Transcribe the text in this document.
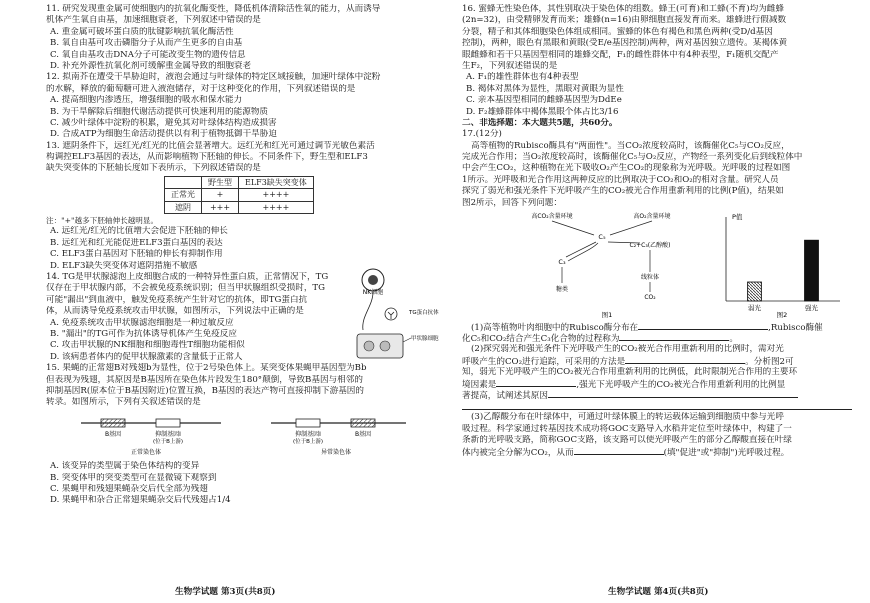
11. 研究发现重金属可使细胞内的抗氧化酶变性，降低机体清除活性氧的能力，从而诱导
机体产生氧自由基，加速细胞衰老，下列叙述中错误的是
A. 重金属可破坏蛋白质的肽键影响抗氧化酶活性
B. 氧自由基可攻击磷脂分子从而产生更多的自由基
C. 氧自由基攻击DNA分子可能改变生物的遗传信息
D. 补充外源性抗氧化剂可缓解重金属导致的细胞衰老
12. 拟南芥在遭受干旱胁迫时，液泡会通过与叶绿体的特定区域接触，加速叶绿体中淀粉
的水解，释放的葡萄糖可进入液泡储存，对于这种变化的作用，下列叙述错误的是
A. 提高细胞内渗透压，增强细胞的吸水和保水能力
B. 为干旱解除后细胞代谢活动提供可快速利用的能源物质
C. 减少叶绿体中淀粉的积累，避免其对叶绿体结构造成损害
D. 合成ATP为细胞生命活动提供以有利于植物抵御干旱胁迫
13. 遮阴条件下，远红光/红光的比值会显著增大。远红光和红光可通过调节光敏色素活
构调控ELF3基因的表达，从而影响植物下胚轴的伸长。不同条件下，野生型和ELF3
缺失突变体的下胚轴长度如下表所示，下列叙述错误的是
	野生型	ELF3缺失突变体
正常光	+	++++
遮阴	+++	++++
注："+"越多下胚轴伸长越明显。
A. 远红光/红光的比值增大会促进下胚轴的伸长
B. 远红光和红光能促进ELF3蛋白基因的表达
C. ELF3蛋白基因对下胚轴的伸长有抑制作用
D. ELF3缺失突变体对遮阴措施不敏感
14. TG是甲状腺滤泡上皮细胞合成的一种特异性蛋白质，正常情况下，TG
仅存在于甲状腺内部，不会被免疫系统识别；但当甲状腺组织受损时，TG
可能"漏出"到血液中，触发免疫系统产生针对它的抗体，即TG蛋白抗
体，从而诱导免疫系统攻击甲状腺，如图所示，下列说法中正确的是
A. 免疫系统攻击甲状腺滤泡细胞是一种过敏反应
B. "漏出"的TG可作为抗体诱导机体产生免疫反应
C. 攻击甲状腺的NK细胞和细胞毒性T细胞功能相似
D. 该病患者体内的促甲状腺激素的含量低于正常人
NK细胞
TG蛋白抗体
甲状腺细胞
15. 果蝇的正常翅B对残翅b为显性，位于2号染色体上。某突变体果蝇甲基因型为Bb
但表现为残翅，其原因是B基因所在染色体片段发生180°颠倒，导致B基因与相邻的
抑制基因R(原本位于B基因附近)位置互换，B基因的表达产物可直接抑制下游基因的
转录。如图所示，下列有关叙述错误的是
B基因	抑制基因Ⅰ
(位于B上游)
正常染色体
抑制基因Ⅰ
(位于B上游)
B基因
异常染色体
A. 该变异的类型属于染色体结构的变异
B. 突变体甲的突变类型可在显微镜下观察到
C. 果蝇甲和残翅果蝇杂交后代全部为残翅
D. 果蝇甲和杂合正常翅果蝇杂交后代残翅占1/4
生物学试题 第3页(共8页)
16. 蜜蜂无性染色体，其性别取决于染色体的组数。蜂王(可育)和工蜂(不育)均为雌蜂
(2n=32)，由受精卵发育而来；雄蜂(n=16)由卵细胞直接发育而来。雄蜂进行假减数
分裂，精子和其体细胞染色体组成相同。蜜蜂的体色有褐色和黑色两种(受D/d基因
控制)，两种，眼色有黑眼和黄眼(受E/e基因控制)两种，两对基因独立遗传。某褐体黄
眼雌蜂和若干只基因型相同的雄蜂交配，F₁的雌性群体中有4种表型，F₁随机交配产
生F₂，下列叙述错误的是
A. F₁的雄性群体也有4种表型
B. 褐体对黑体为显性，黑眼对黄眼为显性
C. 亲本基因型相同的雌蜂基因型为DdEe
D. F₂雄蜂群体中褐体黑眼个体占比3/16
二、非选择题：本大题共5题，共60分。
17.(12分)
高等植物的Rubisco酶具有"两面性"。当CO₂浓度较高时，该酶催化C₅与CO₂反应，
完成光合作用；当O₂浓度较高时，该酶催化C₅与O₂反应，产物经一系列变化后到线粒体中
中会产生CO₂，这种植物在光下吸收O₂产生CO₂的现象称为光呼吸。光呼吸的过程如图
1所示。光呼吸和光合作用这两种反应的比例取决于CO₂和O₂的相对含量。研究人员
探究了弱光和强光条件下光呼吸产生的CO₂被光合作用重新利用的比例(P值)，结果如
图2所示，回答下列问题：
高CO₂含量环境	高O₂含量环境
C₅
C₃
C₂+C₃(乙醇酸)
糖类
线粒体
CO₂
图1
P值
弱光	强光
图2
(1)高等植物叶肉细胞中的Rubisco酶分布在	,Rubisco酶催
化C₅和CO₂结合产生C₃化合物的过程称为	。
(2)探究弱光和强光条件下光呼吸产生的CO₂被光合作用重新利用的比例时，需对光
呼吸产生的CO₂进行追踪，可采用的方法是	。分析图2可
知，弱光下光呼吸产生的CO₂被光合作用重新利用的比例低，此时限制光合作用的主要环
境因素是	,强光下光呼吸产生的CO₂被光合作用重新利用的比例显
著提高，试阐述其原因
(3)乙醇酸分布在叶绿体中，可通过叶绿体膜上的转运载体运输到细胞质中参与光呼
吸过程。科学家通过转基因技术成功将GOC支路导入水稻并定位至叶绿体中，构建了一
条新的光呼吸支路，简称GOC支路，该支路可以使光呼吸产生的部分乙醇酸直接在叶绿
体内被完全分解为CO₂，从而	(填"促进"或"抑制")光呼吸过程。
生物学试题 第4页(共8页)
